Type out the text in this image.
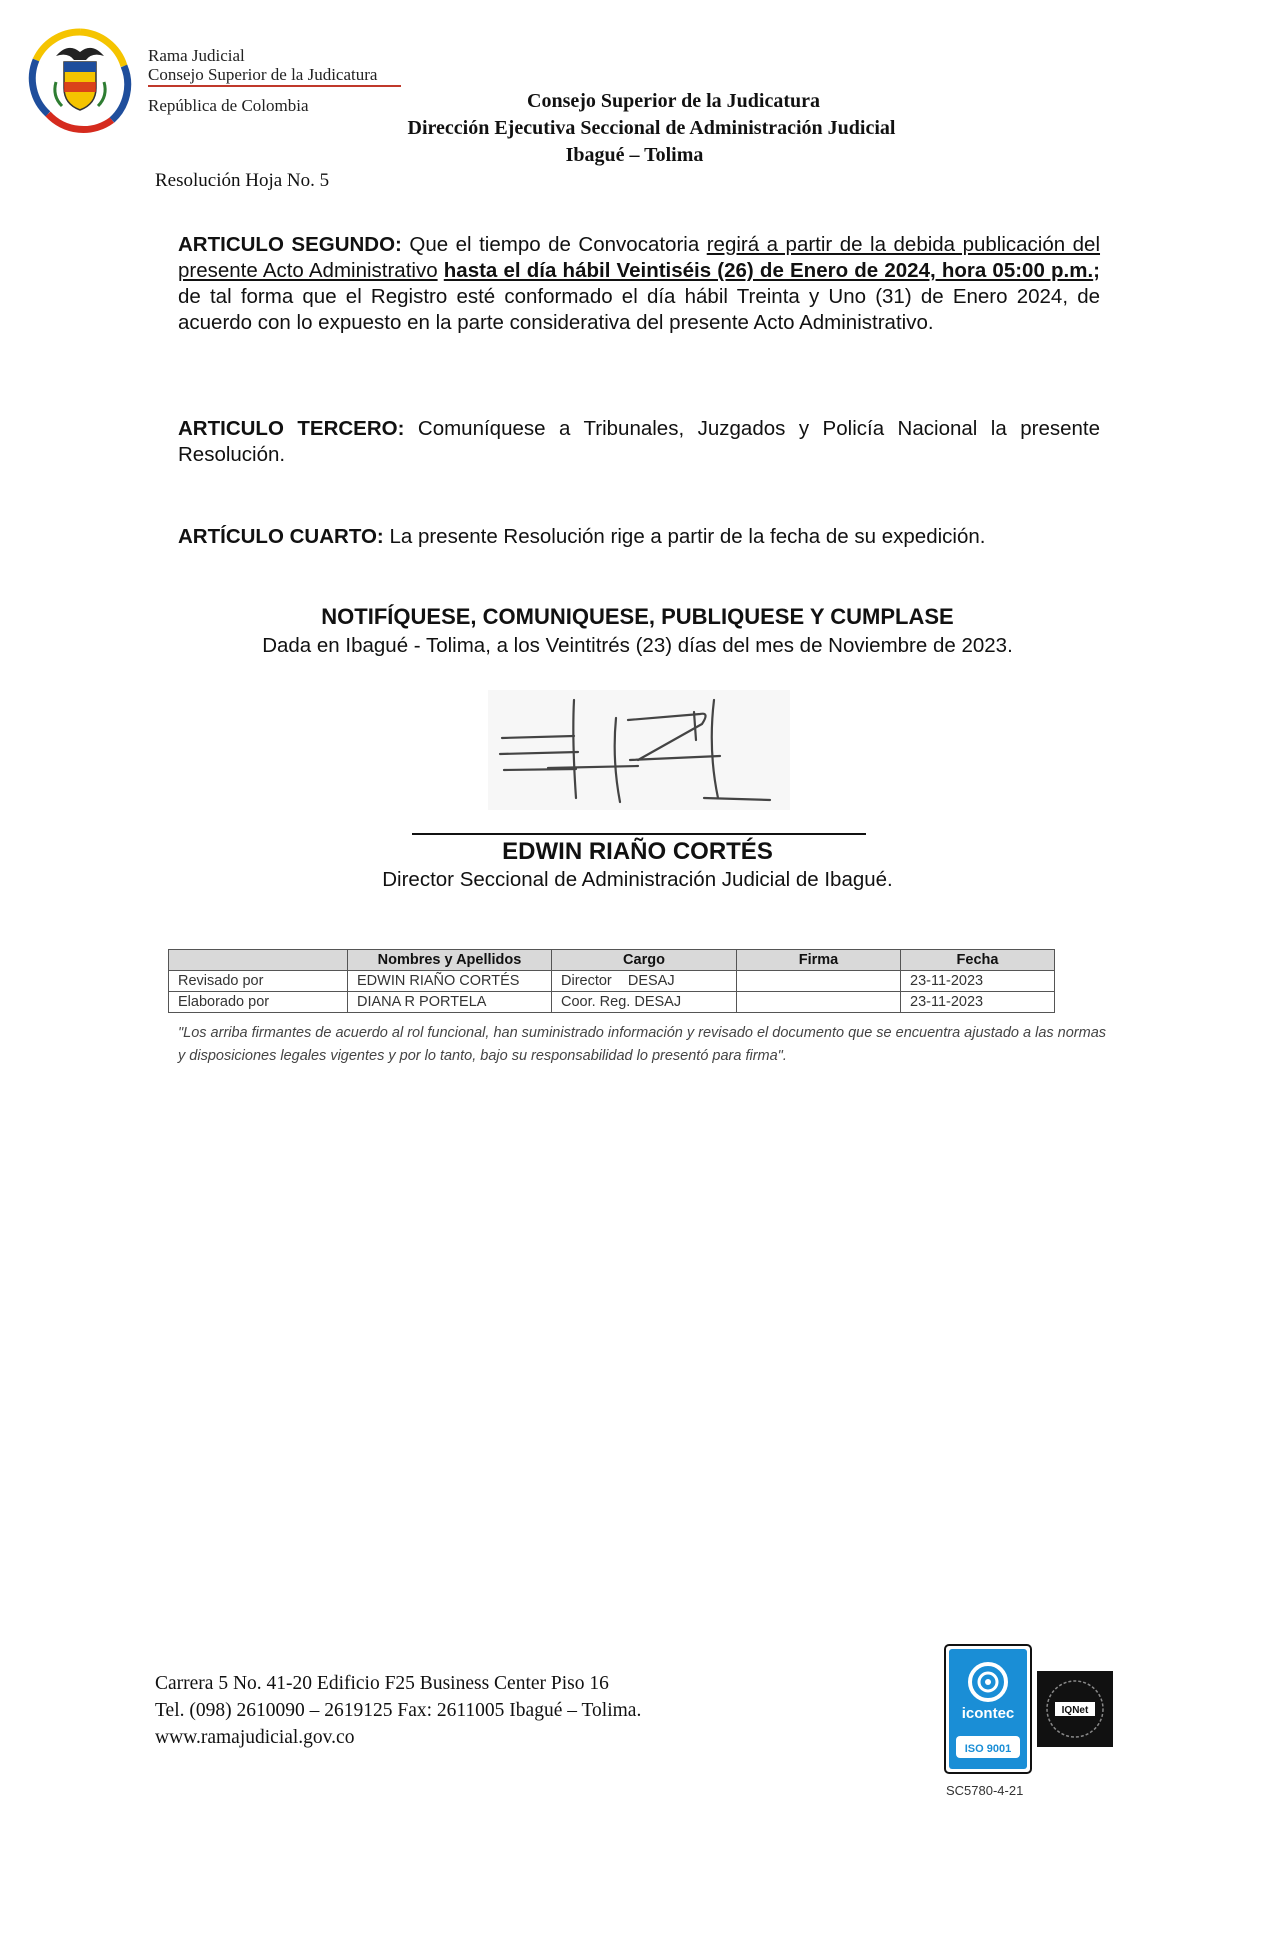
Rama Judicial
Consejo Superior de la Judicatura
República de Colombia	Consejo Superior de la Judicatura
Dirección Ejecutiva Seccional de Administración Judicial
Ibagué – Tolima
Resolución Hoja No. 5
ARTICULO SEGUNDO: Que el tiempo de Convocatoria regirá a partir de la debida publicación del presente Acto Administrativo hasta el día hábil Veintiséis (26) de Enero de 2024, hora 05:00 p.m.; de tal forma que el Registro esté conformado el día hábil Treinta y Uno (31) de Enero 2024, de acuerdo con lo expuesto en la parte considerativa del presente Acto Administrativo.
ARTICULO TERCERO: Comuníquese a Tribunales, Juzgados y Policía Nacional la presente Resolución.
ARTÍCULO CUARTO: La presente Resolución rige a partir de la fecha de su expedición.
NOTIFÍQUESE, COMUNIQUESE, PUBLIQUESE Y CUMPLASE
Dada en Ibagué - Tolima, a los Veintitrés (23) días del mes de Noviembre de 2023.
EDWIN RIAÑO CORTÉS
Director Seccional de Administración Judicial de Ibagué.
	Nombres y Apellidos	Cargo	Firma	Fecha
Revisado por	EDWIN RIAÑO CORTÉS	Director    DESAJ		23-11-2023
Elaborado por	DIANA R PORTELA	Coor. Reg. DESAJ		23-11-2023
"Los arriba firmantes de acuerdo al rol funcional, han suministrado información y revisado el documento que se encuentra ajustado a las normas y disposiciones legales vigentes y por lo tanto, bajo su responsabilidad lo presentó para firma".
Carrera 5 No. 41-20 Edificio F25 Business Center Piso 16
Tel. (098) 2610090 – 2619125 Fax: 2611005 Ibagué – Tolima.
www.ramajudicial.gov.co
icontec
ISO 9001
IQNet
SC5780-4-21
